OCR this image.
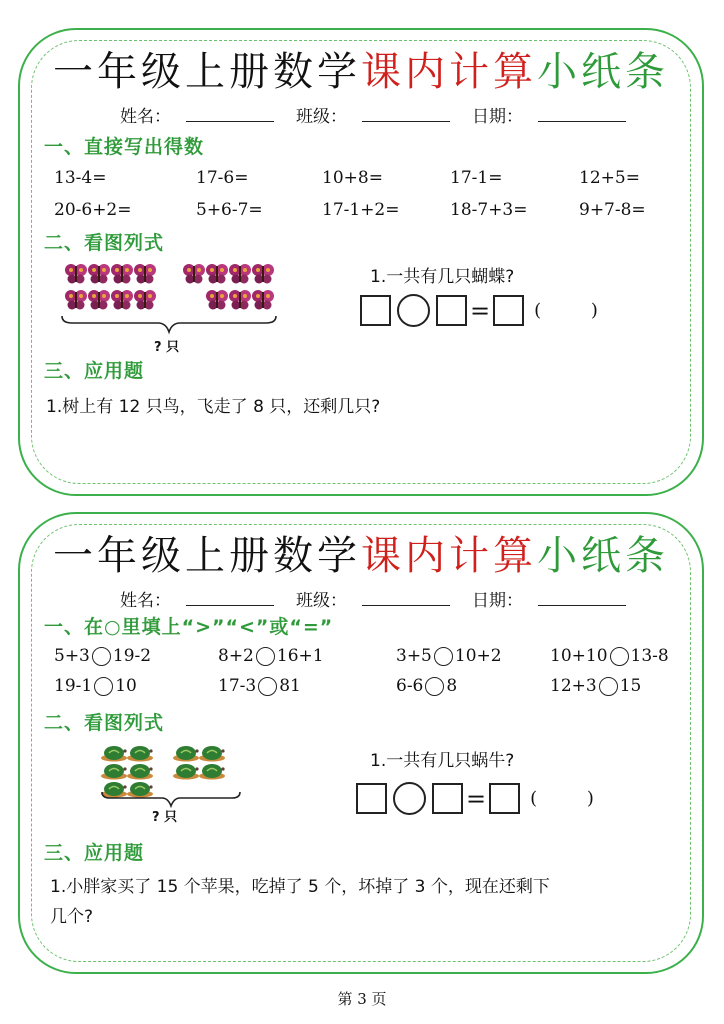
一年级上册数学课内计算小纸条
姓名：	班级：	日期：
一、直接写出得数
13-4=	17-6=	10+8=	17-1=	12+5=
20-6+2=	5+6-7=	17-1+2=	18-7+3=	9+7-8=
二、看图列式
? 只
1.一共有几只蝴蝶?
= ( )
三、应用题
1.树上有 12 只鸟，飞走了 8 只，还剩几只?
一年级上册数学课内计算小纸条
姓名：	班级：	日期：
一、在○里填上“>”“<”或“=”
5+3 19-2	8+2 16+1	3+5 10+2	10+10 13-8
19-1 10	17-3 81	6-6 8	12+3 15
二、看图列式
? 只
1.一共有几只蜗牛?
= ( )
三、应用题
1.小胖家买了 15 个苹果，吃掉了 5 个，坏掉了 3 个，现在还剩下
几个?
第 3 页
